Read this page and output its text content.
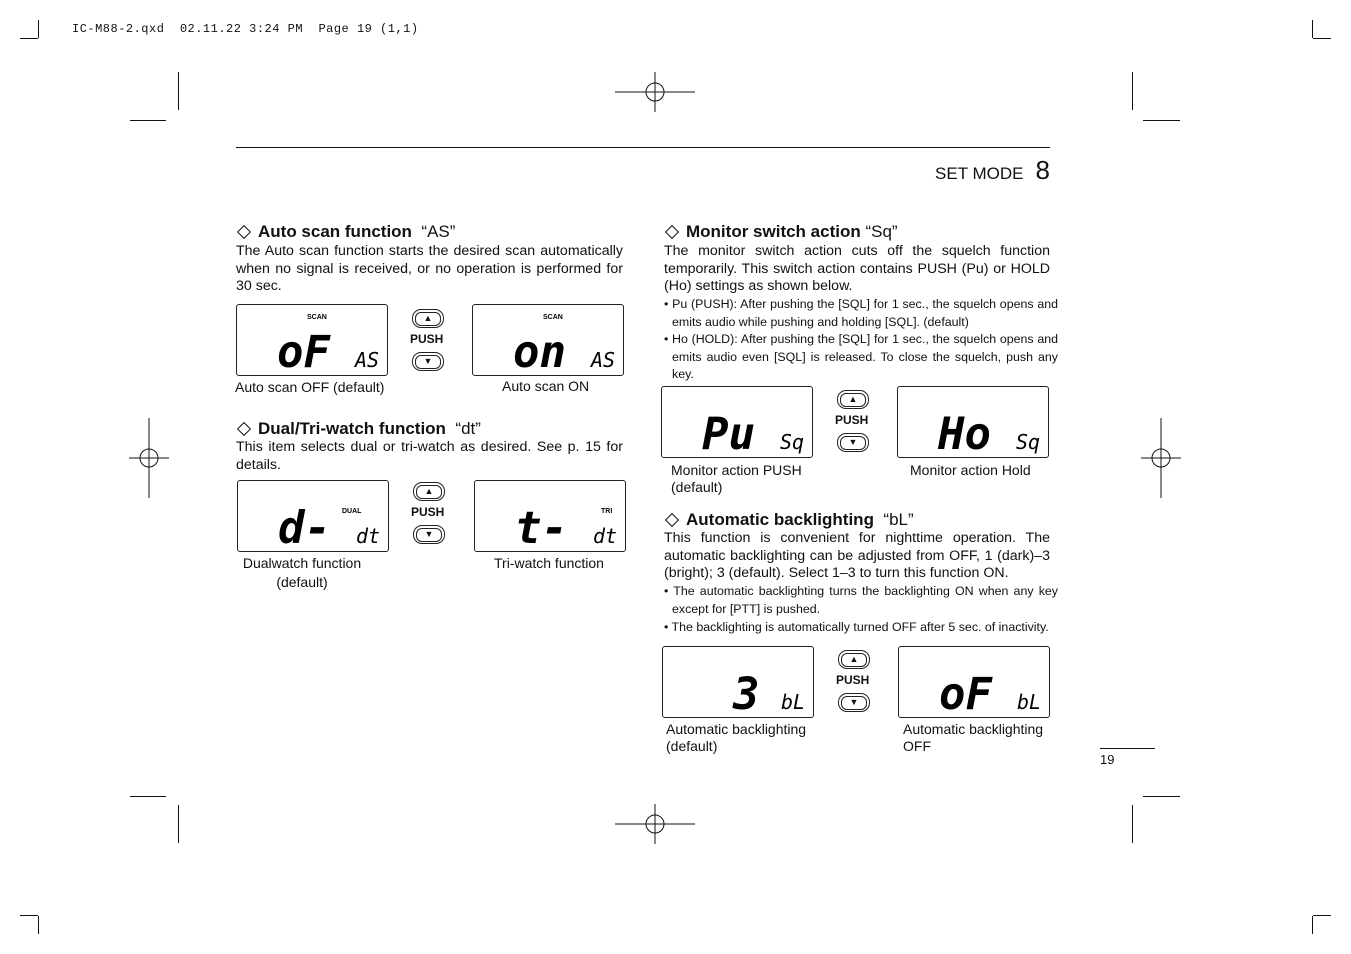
IC-M88-2.qxd  02.11.22 3:24 PM  Page 19 (1,1)
SET MODE 8
Auto scan function “AS”
The Auto scan function starts the desired scan automatically when no signal is received, or no operation is performed for 30 sec.
SCAN
oF AS
Auto scan OFF (default)
▲
PUSH
▼
SCAN
on AS
Auto scan ON
Dual/Tri-watch function “dt”
This item selects dual or tri-watch as desired. See p. 15 for details.
DUAL
d- dt
Dualwatch function
(default)
▲
PUSH
▼
TRI
t- dt
Tri-watch function
Monitor switch action “Sq”
The monitor switch action cuts off the squelch function temporarily. This switch action contains PUSH (Pu) or HOLD (Ho) settings as shown below.
• Pu (PUSH): After pushing the [SQL] for 1 sec., the squelch opens and emits audio while pushing and holding [SQL]. (default)
• Ho (HOLD): After pushing the [SQL] for 1 sec., the squelch opens and emits audio even [SQL] is released. To close the squelch, push any key.
Pu Sq
Monitor action PUSH
(default)
▲
PUSH
▼ Ho Sq
Monitor action Hold
Automatic backlighting “bL”
This function is convenient for nighttime operation. The automatic backlighting can be adjusted from OFF, 1 (dark)–3 (bright); 3 (default). Select 1–3 to turn this function ON.
• The automatic backlighting turns the backlighting ON when any key except for [PTT] is pushed.
• The backlighting is automatically turned OFF after 5 sec. of inactivity.
3 bL
Automatic backlighting
(default)
▲
PUSH
▼ oF bL
Automatic backlighting
OFF
19
